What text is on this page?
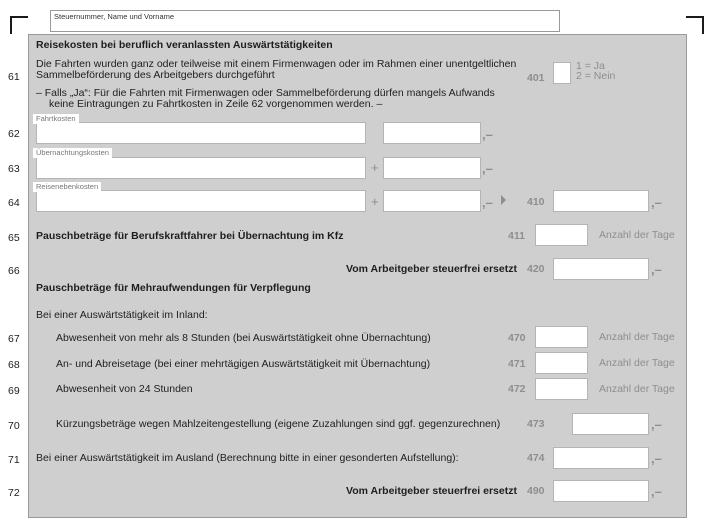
Steuernummer, Name und Vorname
Reisekosten bei beruflich veranlassten Auswärtstätigkeiten
61
Die Fahrten wurden ganz oder teilweise mit einem Firmenwagen oder im Rahmen einer unentgeltlichen
Sammelbeförderung des Arbeitgebers durchgeführt	401
1 = Ja
2 = Nein
– Falls „Ja“: Für die Fahrten mit Firmenwagen oder Sammelbeförderung dürfen mangels Aufwands
keine Eintragungen zu Fahrtkosten in Zeile 62 vorgenommen werden. –
62
Fahrtkosten
,–
63
Übernachtungskosten
+	,–
64
Reisenebenkosten
+	,–	410	,–
65 Pauschbeträge für Berufskraftfahrer bei Übernachtung im Kfz	411	Anzahl der Tage
66	Vom Arbeitgeber steuerfrei ersetzt 420	,–
Pauschbeträge für Mehraufwendungen für Verpflegung
Bei einer Auswärtstätigkeit im Inland:
67	Abwesenheit von mehr als 8 Stunden (bei Auswärtstätigkeit ohne Übernachtung)	470	Anzahl der Tage
68	An- und Abreisetage (bei einer mehrtägigen Auswärtstätigkeit mit Übernachtung)	471	Anzahl der Tage
69	Abwesenheit von 24 Stunden	472	Anzahl der Tage
70	Kürzungsbeträge wegen Mahlzeitengestellung (eigene Zuzahlungen sind ggf. gegenzurechnen)	473	,–
71 Bei einer Auswärtstätigkeit im Ausland (Berechnung bitte in einer gesonderten Aufstellung):	474	,–
72	Vom Arbeitgeber steuerfrei ersetzt 490	,–
